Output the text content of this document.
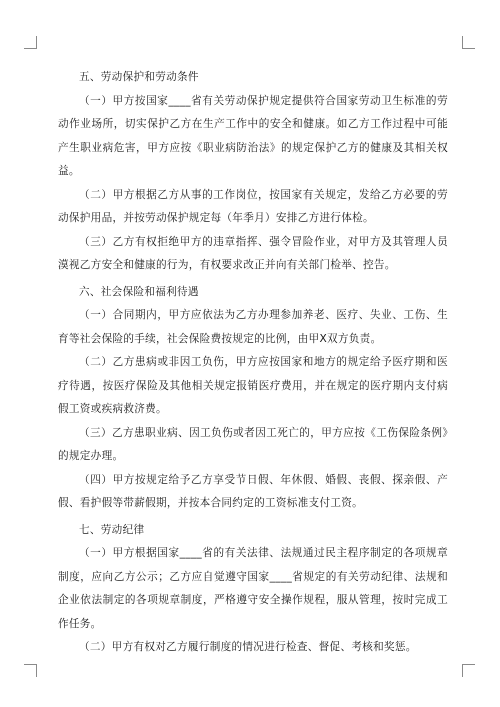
五、劳动保护和劳动条件

（一）甲方按国家____省有关劳动保护规定提供符合国家劳动卫生标准的劳动作业场所，切实保护乙方在生产工作中的安全和健康。如乙方工作过程中可能产生职业病危害，甲方应按《职业病防治法》的规定保护乙方的健康及其相关权益。

（二）甲方根据乙方从事的工作岗位，按国家有关规定，发给乙方必要的劳动保护用品，并按劳动保护规定每（年季月）安排乙方进行体检。

（三）乙方有权拒绝甲方的违章指挥、强令冒险作业，对甲方及其管理人员漠视乙方安全和健康的行为，有权要求改正并向有关部门检举、控告。

六、社会保险和福利待遇

（一）合同期内，甲方应依法为乙方办理参加养老、医疗、失业、工伤、生育等社会保险的手续，社会保险费按规定的比例，由甲X双方负责。

（二）乙方患病或非因工负伤，甲方应按国家和地方的规定给予医疗期和医疗待遇，按医疗保险及其他相关规定报销医疗费用，并在规定的医疗期内支付病假工资或疾病救济费。

（三）乙方患职业病、因工负伤或者因工死亡的，甲方应按《工伤保险条例》的规定办理。

（四）甲方按规定给予乙方享受节日假、年休假、婚假、丧假、探亲假、产假、看护假等带薪假期，并按本合同约定的工资标准支付工资。

七、劳动纪律

（一）甲方根据国家____省的有关法律、法规通过民主程序制定的各项规章制度，应向乙方公示；乙方应自觉遵守国家____省规定的有关劳动纪律、法规和企业依法制定的各项规章制度，严格遵守安全操作规程，服从管理，按时完成工作任务。

（二）甲方有权对乙方履行制度的情况进行检查、督促、考核和奖惩。
